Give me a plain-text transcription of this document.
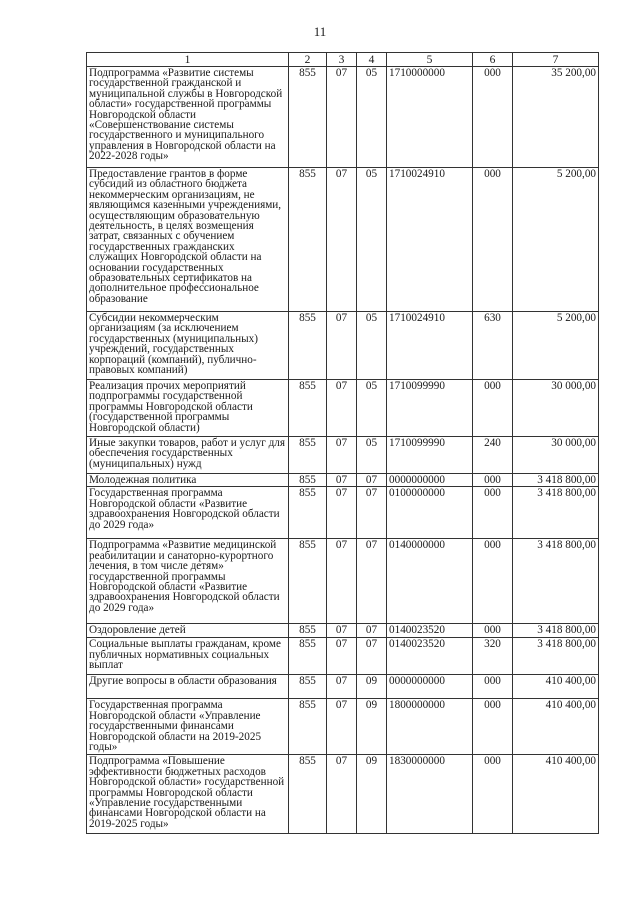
11
1	2	3	4	5	6	7
Подпрограмма «Развитие системы государственной гражданской и муниципальной службы в Новгородской области» государственной программы Новгородской области «Совершенствование системы государственного и муниципального управления в Новгородской области на 2022-2028 годы»	855	07	05	1710000000	000	35 200,00
Предоставление грантов в форме субсидий из областного бюджета некоммерческим организациям, не являющимся казенными учреждениями, осуществляющим образовательную деятельность, в целях возмещения затрат, связанных с обучением государственных гражданских служащих Новгородской области на основании государственных образовательных сертификатов на дополнительное профессиональное образование	855	07	05	1710024910	000	5 200,00
Субсидии некоммерческим организациям (за исключением государственных (муниципальных) учреждений, государственных корпораций (компаний), публично-правовых компаний)	855	07	05	1710024910	630	5 200,00
Реализация прочих мероприятий подпрограммы государственной программы Новгородской области (государственной программы Новгородской области)	855	07	05	1710099990	000	30 000,00
Иные закупки товаров, работ и услуг для обеспечения государственных (муниципальных) нужд	855	07	05	1710099990	240	30 000,00
Молодежная политика	855	07	07	0000000000	000	3 418 800,00
Государственная программа Новгородской области «Развитие здравоохранения Новгородской области до 2029 года»	855	07	07	0100000000	000	3 418 800,00
Подпрограмма «Развитие медицинской реабилитации и санаторно-курортного лечения, в том числе детям» государственной программы Новгородской области «Развитие здравоохранения Новгородской области до 2029 года»	855	07	07	0140000000	000	3 418 800,00
Оздоровление детей	855	07	07	0140023520	000	3 418 800,00
Социальные выплаты гражданам, кроме публичных нормативных социальных выплат	855	07	07	0140023520	320	3 418 800,00
Другие вопросы в области образования	855	07	09	0000000000	000	410 400,00
Государственная программа Новгородской области «Управление государственными финансами Новгородской области на 2019-2025 годы»	855	07	09	1800000000	000	410 400,00
Подпрограмма «Повышение эффективности бюджетных расходов Новгородской области» государственной программы Новгородской области «Управление государственными финансами Новгородской области на 2019-2025 годы»	855	07	09	1830000000	000	410 400,00
